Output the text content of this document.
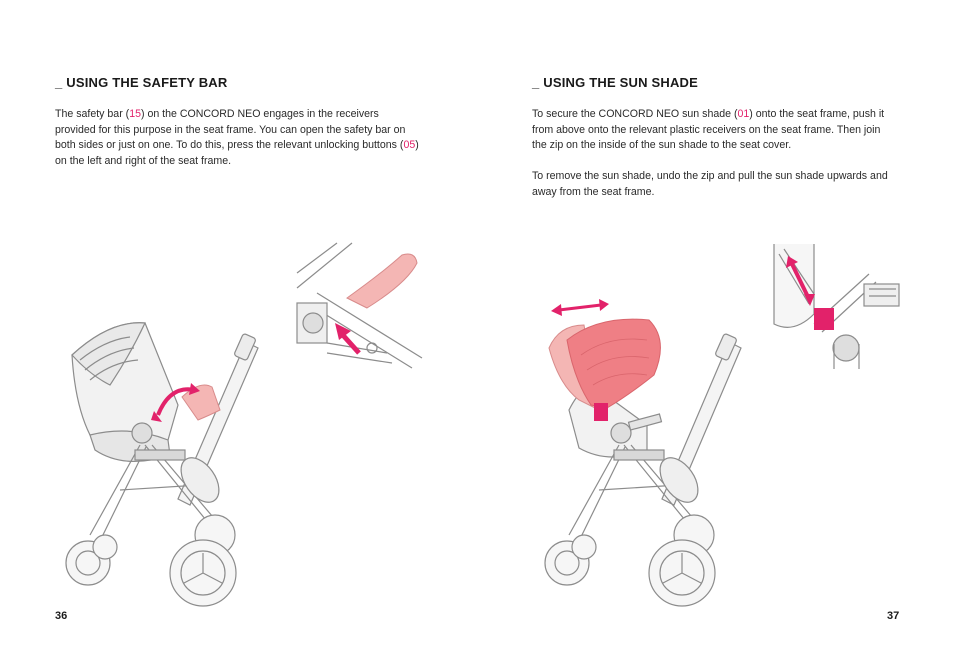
_ USING THE SAFETY BAR

The safety bar (15) on the CONCORD NEO engages in the receivers provided for this purpose in the seat frame. You can open the safety bar on both sides or just on one. To do this, press the relevant unlocking buttons (05) on the left and right of the seat frame.

36
_ USING THE SUN SHADE

To secure the CONCORD NEO sun shade (01) onto the seat frame, push it from above onto the relevant plastic receivers on the seat frame. Then join the zip on the inside of the sun shade to the seat cover.

To remove the sun shade, undo the zip and pull the sun shade upwards and away from the seat frame.

37
